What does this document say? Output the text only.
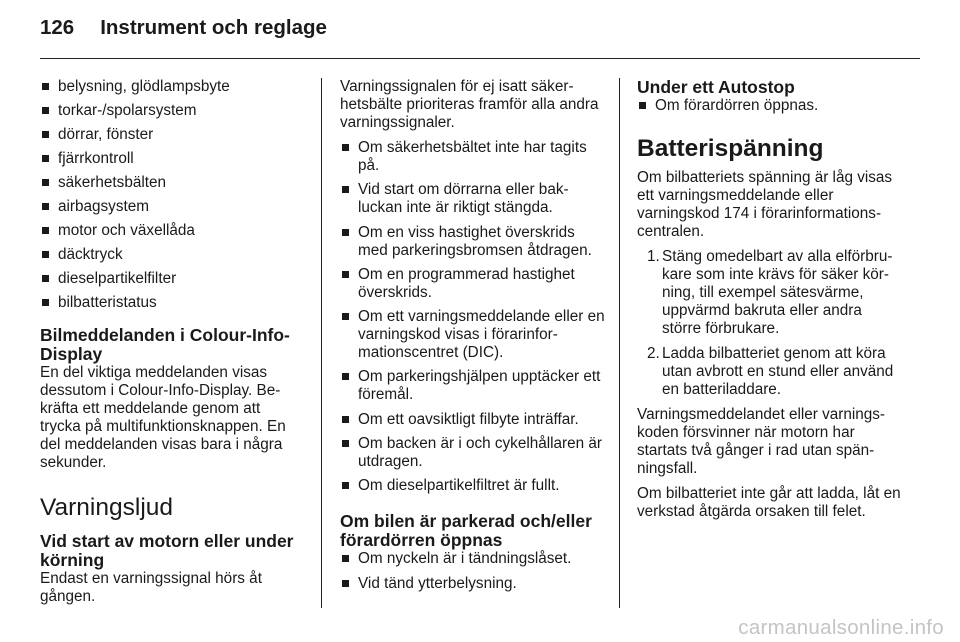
126 Instrument och reglage
belysning, glödlampsbyte
torkar-/spolarsystem
dörrar, fönster
fjärrkontroll
säkerhetsbälten
airbagsystem
motor och växellåda
däcktryck
dieselpartikelfilter
bilbatteristatus
Bilmeddelanden i Colour-Info-Display

En del viktiga meddelanden visas dessutom i Colour-Info-Display. Bekräfta ett meddelande genom att trycka på multifunktionsknappen. En del meddelanden visas bara i några sekunder.

Varningsljud
Vid start av motorn eller under körning

Endast en varningssignal hörs åt gången.

Varningssignalen för ej isatt säkerhetsbälte prioriteras framför alla andra varningssignaler.

Om säkerhetsbältet inte har tagits på.
Vid start om dörrarna eller bakluckan inte är riktigt stängda.
Om en viss hastighet överskrids med parkeringsbromsen åtdragen.
Om en programmerad hastighet överskrids.
Om ett varningsmeddelande eller en varningskod visas i förarinformationscentret (DIC).
Om parkeringshjälpen upptäcker ett föremål.
Om ett oavsiktligt filbyte inträffar.
Om backen är i och cykelhållaren är utdragen.
Om dieselpartikelfiltret är fullt.
Om bilen är parkerad och/eller förardörren öppnas
Om nyckeln är i tändningslåset.
Vid tänd ytterbelysning.
Under ett Autostop
Om förardörren öppnas.
Batterispänning

Om bilbatteriets spänning är låg visas ett varningsmeddelande eller varningskod 174 i förarinformationscentralen.

1. Stäng omedelbart av alla elförbrukare som inte krävs för säker körning, till exempel sätesvärme, uppvärmd bakruta eller andra större förbrukare.
2. Ladda bilbatteriet genom att köra utan avbrott en stund eller använd en batteriladdare.

Varningsmeddelandet eller varningskoden försvinner när motorn har startats två gånger i rad utan spänningsfall.

Om bilbatteriet inte går att ladda, låt en verkstad åtgärda orsaken till felet.

carmanualsonline.info
